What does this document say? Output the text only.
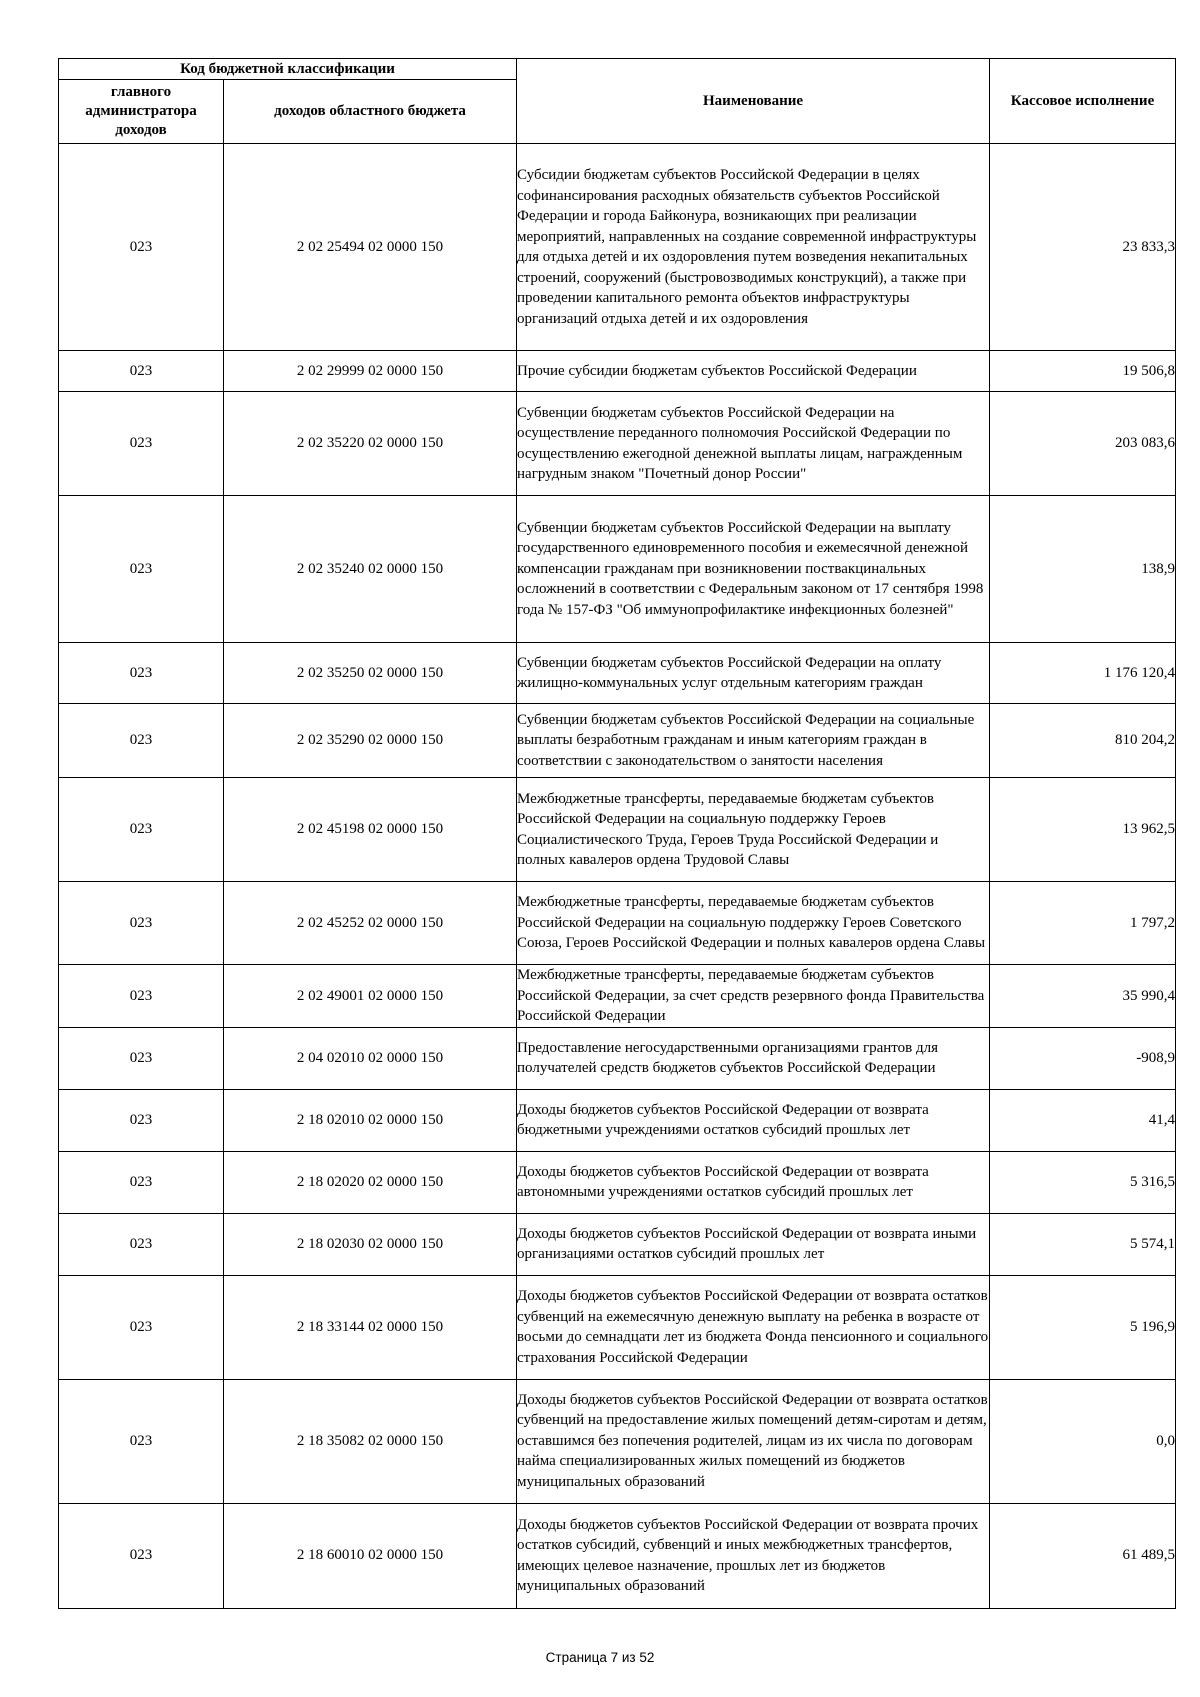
Код бюджетной классификации		Наименование	Кассовое исполнение
главного администратора доходов	доходов областного бюджета		
023	2 02 25494 02 0000 150	Субсидии бюджетам субъектов Российской Федерации в целях софинансирования расходных обязательств субъектов Российской Федерации и города Байконура, возникающих при реализации мероприятий, направленных на создание современной инфраструктуры для отдыха детей и их оздоровления путем возведения некапитальных строений, сооружений (быстровозводимых конструкций), а также при проведении капитального ремонта объектов инфраструктуры организаций отдыха детей и их оздоровления	23 833,3
023	2 02 29999 02 0000 150	Прочие субсидии бюджетам субъектов Российской Федерации	19 506,8
023	2 02 35220 02 0000 150	Субвенции бюджетам субъектов Российской Федерации на осуществление переданного полномочия Российской Федерации по осуществлению ежегодной денежной выплаты лицам, награжденным нагрудным знаком "Почетный донор России"	203 083,6
023	2 02 35240 02 0000 150	Субвенции бюджетам субъектов Российской Федерации на выплату государственного единовременного пособия и ежемесячной денежной компенсации гражданам при возникновении поствакцинальных осложнений в соответствии с Федеральным законом от 17 сентября 1998 года № 157-ФЗ "Об иммунопрофилактике инфекционных болезней"	138,9
023	2 02 35250 02 0000 150	Субвенции бюджетам субъектов Российской Федерации на оплату жилищно-коммунальных услуг отдельным категориям граждан	1 176 120,4
023	2 02 35290 02 0000 150	Субвенции бюджетам субъектов Российской Федерации на социальные выплаты безработным гражданам и иным категориям граждан в соответствии с законодательством о занятости населения	810 204,2
023	2 02 45198 02 0000 150	Межбюджетные трансферты, передаваемые бюджетам субъектов Российской Федерации на социальную поддержку Героев Социалистического Труда, Героев Труда Российской Федерации и полных кавалеров ордена Трудовой Славы	13 962,5
023	2 02 45252 02 0000 150	Межбюджетные трансферты, передаваемые бюджетам субъектов Российской Федерации на социальную поддержку Героев Советского Союза, Героев Российской Федерации и полных кавалеров ордена Славы	1 797,2
023	2 02 49001 02 0000 150	Межбюджетные трансферты, передаваемые бюджетам субъектов Российской Федерации, за счет средств резервного фонда Правительства Российской Федерации	35 990,4
023	2 04 02010 02 0000 150	Предоставление негосударственными организациями грантов для получателей средств бюджетов субъектов Российской Федерации	-908,9
023	2 18 02010 02 0000 150	Доходы бюджетов субъектов Российской Федерации от возврата бюджетными учреждениями остатков субсидий прошлых лет	41,4
023	2 18 02020 02 0000 150	Доходы бюджетов субъектов Российской Федерации от возврата автономными учреждениями остатков субсидий прошлых лет	5 316,5
023	2 18 02030 02 0000 150	Доходы бюджетов субъектов Российской Федерации от возврата иными организациями остатков субсидий прошлых лет	5 574,1
023	2 18 33144 02 0000 150	Доходы бюджетов субъектов Российской Федерации от возврата остатков субвенций на ежемесячную денежную выплату на ребенка в возрасте от восьми до семнадцати лет из бюджета Фонда пенсионного и социального страхования Российской Федерации	5 196,9
023	2 18 35082 02 0000 150	Доходы бюджетов субъектов Российской Федерации от возврата остатков субвенций на предоставление жилых помещений детям-сиротам и детям, оставшимся без попечения родителей, лицам из их числа по договорам найма специализированных жилых помещений из бюджетов муниципальных образований	0,0
023	2 18 60010 02 0000 150	Доходы бюджетов субъектов Российской Федерации от возврата прочих остатков субсидий, субвенций и иных межбюджетных трансфертов, имеющих целевое назначение, прошлых лет из бюджетов муниципальных образований	61 489,5
Страница 7 из 52
